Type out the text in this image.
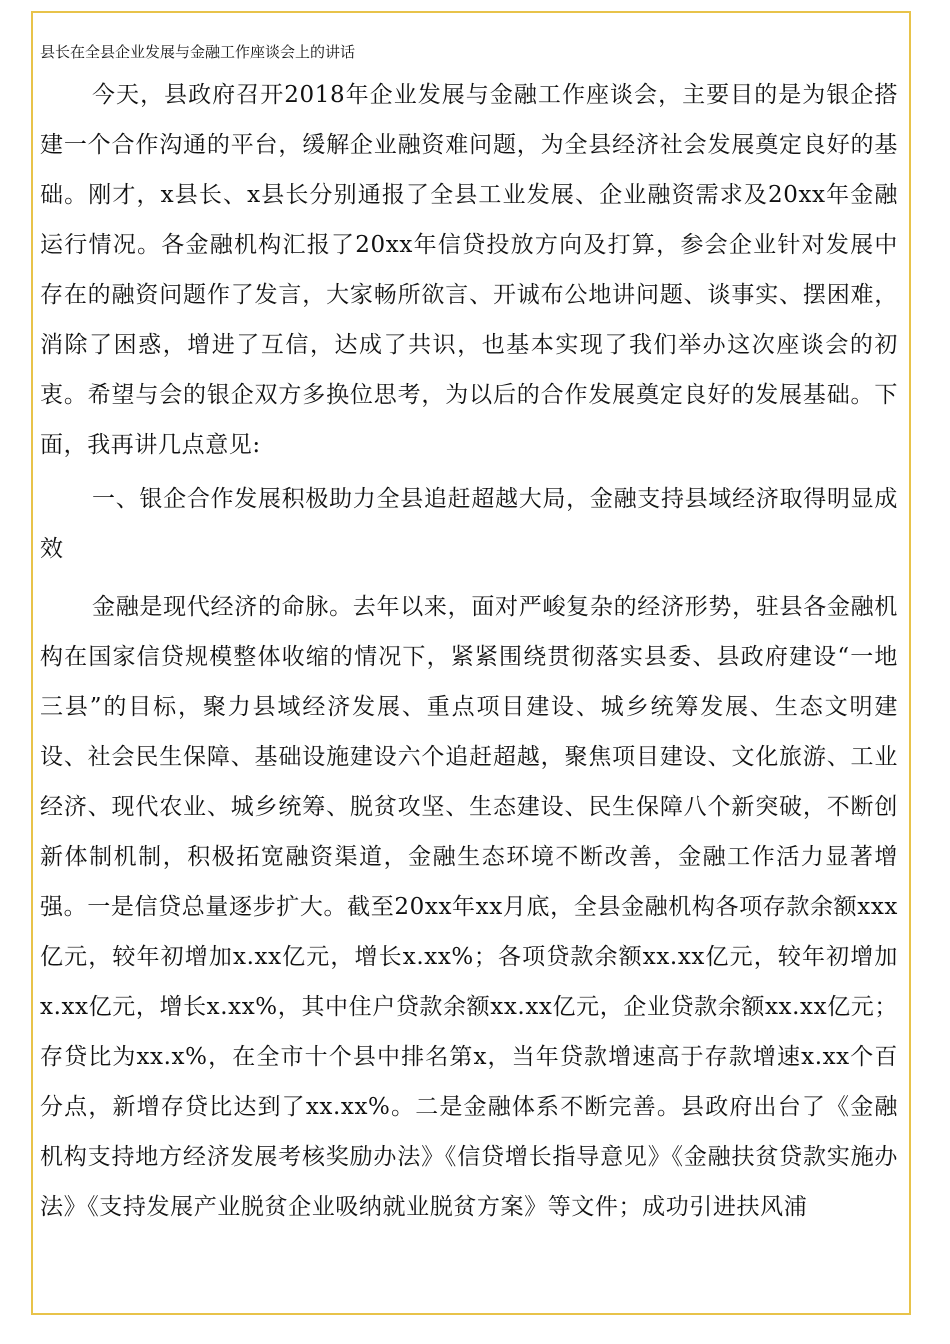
县长在全县企业发展与金融工作座谈会上的讲话

今天，县政府召开2018年企业发展与金融工作座谈会，主要目的是为银企搭建一个合作沟通的平台，缓解企业融资难问题，为全县经济社会发展奠定良好的基础。刚才，x县长、x县长分别通报了全县工业发展、企业融资需求及20xx年金融运行情况。各金融机构汇报了20xx年信贷投放方向及打算，参会企业针对发展中存在的融资问题作了发言，大家畅所欲言、开诚布公地讲问题、谈事实、摆困难，消除了困惑，增进了互信，达成了共识，也基本实现了我们举办这次座谈会的初衷。希望与会的银企双方多换位思考，为以后的合作发展奠定良好的发展基础。下面，我再讲几点意见:

一、银企合作发展积极助力全县追赶超越大局，金融支持县域经济取得明显成效

金融是现代经济的命脉。去年以来，面对严峻复杂的经济形势，驻县各金融机构在国家信贷规模整体收缩的情况下，紧紧围绕贯彻落实县委、县政府建设“一地三县”的目标，聚力县域经济发展、重点项目建设、城乡统筹发展、生态文明建设、社会民生保障、基础设施建设六个追赶超越，聚焦项目建设、文化旅游、工业经济、现代农业、城乡统筹、脱贫攻坚、生态建设、民生保障八个新突破，不断创新体制机制，积极拓宽融资渠道，金融生态环境不断改善，金融工作活力显著增强。一是信贷总量逐步扩大。截至20xx年xx月底，全县金融机构各项存款余额xxx亿元，较年初增加x.xx亿元，增长x.xx%；各项贷款余额xx.xx亿元，较年初增加x.xx亿元，增长x.xx%，其中住户贷款余额xx.xx亿元，企业贷款余额xx.xx亿元；存贷比为xx.x%，在全市十个县中排名第x，当年贷款增速高于存款增速x.xx个百分点，新增存贷比达到了xx.xx%。二是金融体系不断完善。县政府出台了《金融机构支持地方经济发展考核奖励办法》《信贷增长指导意见》《金融扶贫贷款实施办法》《支持发展产业脱贫企业吸纳就业脱贫方案》等文件；成功引进扶风浦
